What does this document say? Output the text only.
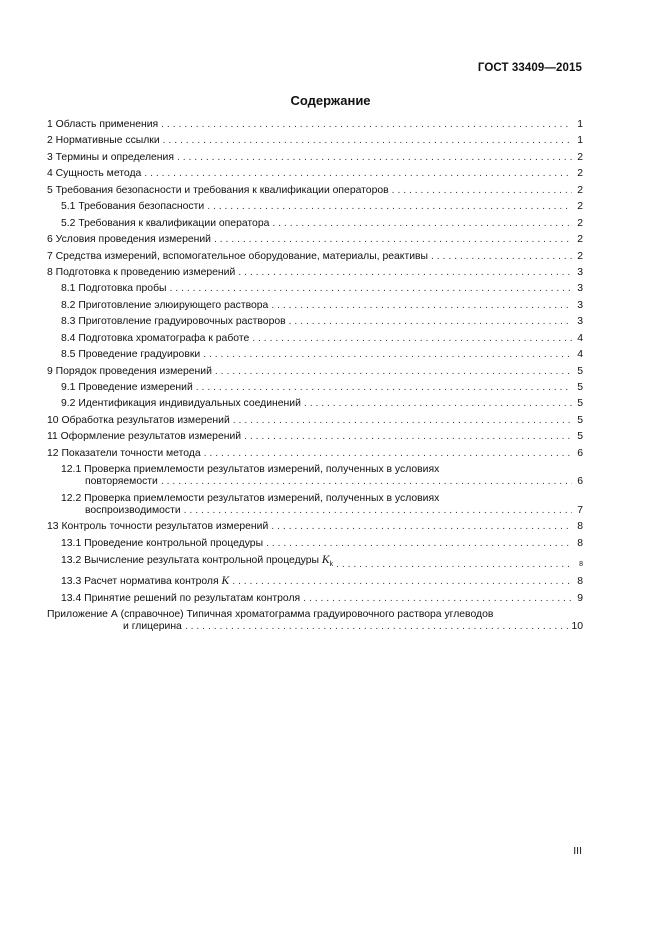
ГОСТ 33409—2015
Содержание
1 Область применения . . .	1
2 Нормативные ссылки . . .	1
3 Термины и определения . . .	2
4 Сущность метода . . .	2
5 Требования безопасности и требования к квалификации операторов . . .	2
5.1 Требования безопасности . . .	2
5.2 Требования к квалификации оператора . . .	2
6 Условия проведения измерений . . .	2
7 Средства измерений, вспомогательное оборудование, материалы, реактивы . . .	2
8 Подготовка к проведению измерений . . .	3
8.1 Подготовка пробы . . .	3
8.2 Приготовление элюирующего раствора . . .	3
8.3 Приготовление градуировочных растворов . . .	3
8.4 Подготовка хроматографа к работе . . .	4
8.5 Проведение градуировки . . .	4
9 Порядок проведения измерений . . .	5
9.1 Проведение измерений . . .	5
9.2 Идентификация индивидуальных соединений . . .	5
10 Обработка результатов измерений . . .	5
11 Оформление результатов измерений . . .	5
12 Показатели точности метода . . .	6
12.1 Проверка приемлемости результатов измерений, полученных в условиях
повторяемости . . .	6
12.2 Проверка приемлемости результатов измерений, полученных в условиях
воспроизводимости . . .	7
13 Контроль точности результатов измерений . . .	8
13.1 Проведение контрольной процедуры . . .	8
13.2 Вычисление результата контрольной процедуры $K_k$ . . .	8
13.3 Расчет норматива контроля K . . .	8
13.4 Принятие решений по результатам контроля . . .	9
Приложение А (справочное) Типичная хроматограмма градуировочного раствора углеводов
и глицерина . . .	10
III
